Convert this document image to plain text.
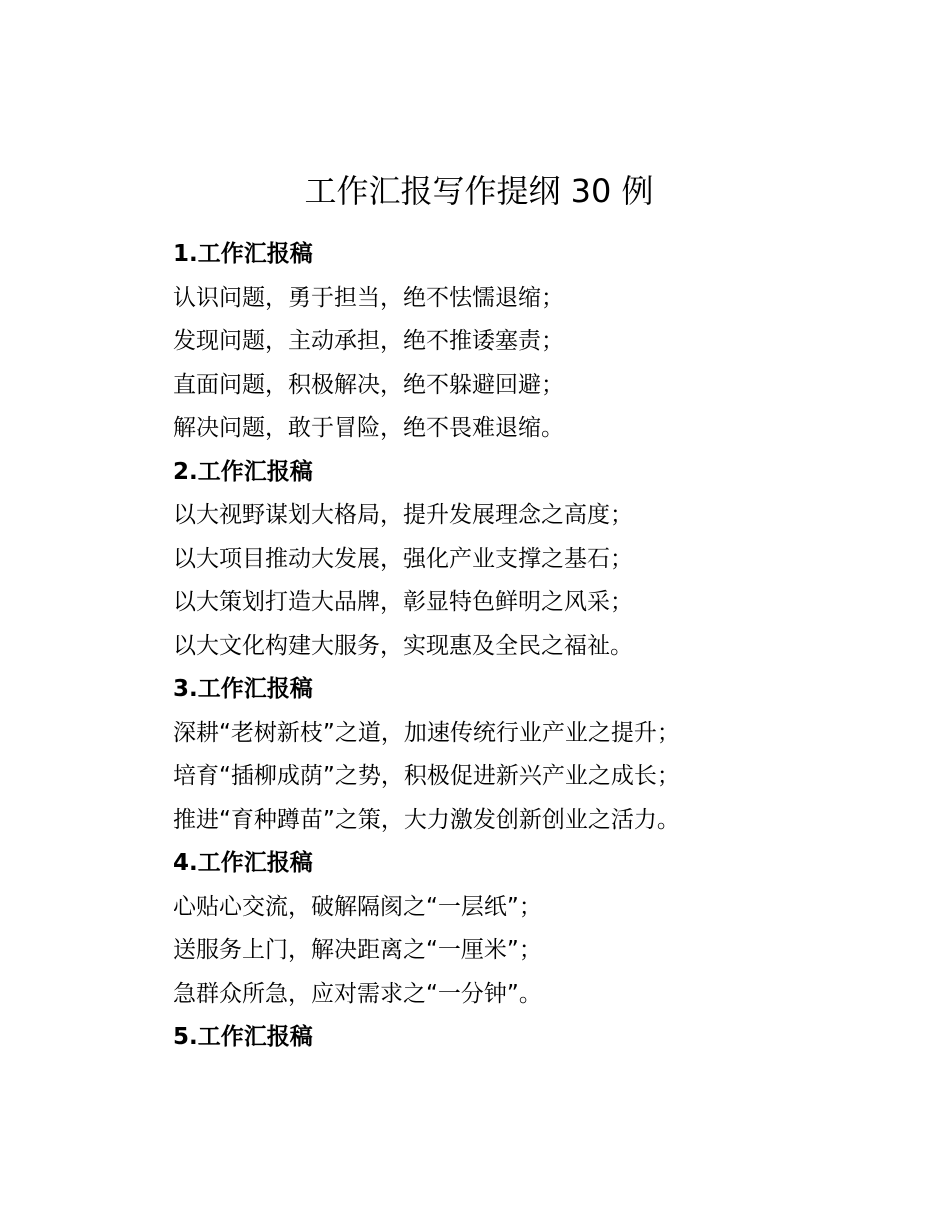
工作汇报写作提纲 30 例

1.工作汇报稿

认识问题，勇于担当，绝不怯懦退缩；

发现问题，主动承担，绝不推诿塞责；

直面问题，积极解决，绝不躲避回避；

解决问题，敢于冒险，绝不畏难退缩。

2.工作汇报稿

以大视野谋划大格局，提升发展理念之高度；

以大项目推动大发展，强化产业支撑之基石；

以大策划打造大品牌，彰显特色鲜明之风采；

以大文化构建大服务，实现惠及全民之福祉。

3.工作汇报稿

深耕“老树新枝”之道，加速传统行业产业之提升；

培育“插柳成荫”之势，积极促进新兴产业之成长；

推进“育种蹲苗”之策，大力激发创新创业之活力。

4.工作汇报稿

心贴心交流，破解隔阂之“一层纸”；

送服务上门，解决距离之“一厘米”；

急群众所急，应对需求之“一分钟”。

5.工作汇报稿
